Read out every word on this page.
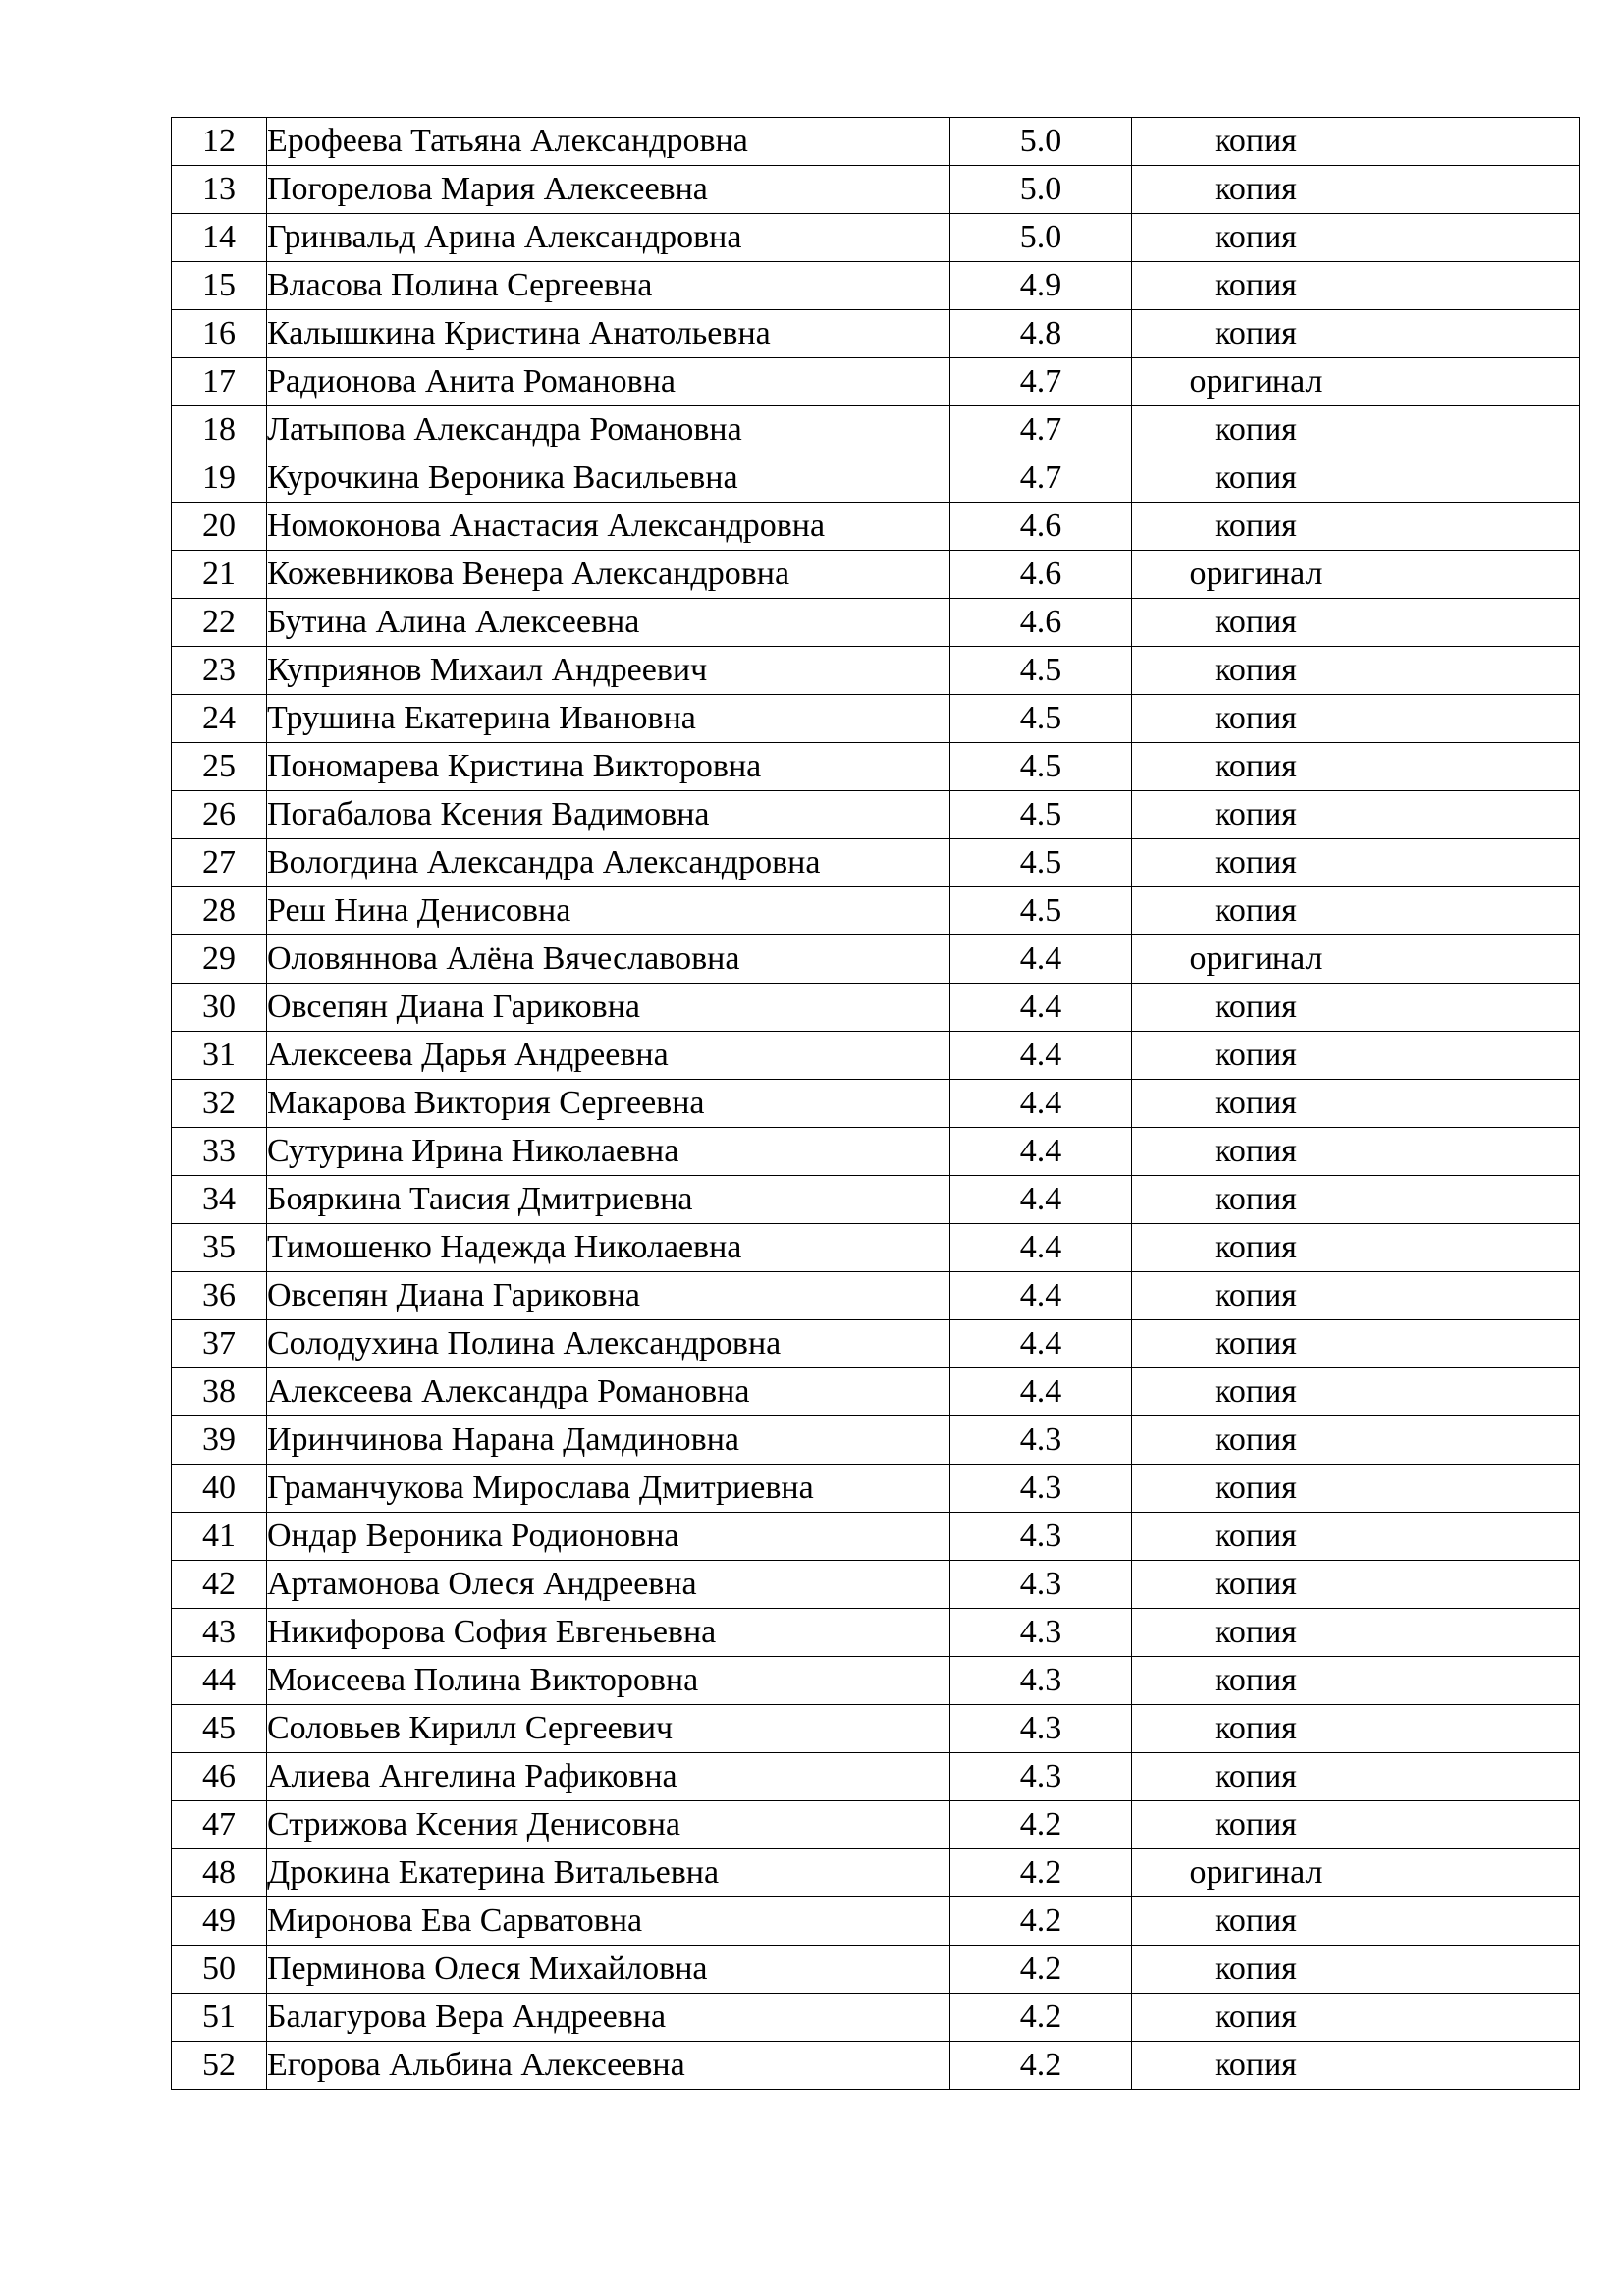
12	Ерофеева Татьяна Александровна	5.0	копия	
13	Погорелова Мария Алексеевна	5.0	копия	
14	Гринвальд Арина Александровна	5.0	копия	
15	Власова Полина Сергеевна	4.9	копия	
16	Калышкина Кристина Анатольевна	4.8	копия	
17	Радионова Анита Романовна	4.7	оригинал	
18	Латыпова Александра Романовна	4.7	копия	
19	Курочкина Вероника Васильевна	4.7	копия	
20	Номоконова Анастасия Александровна	4.6	копия	
21	Кожевникова Венера Александровна	4.6	оригинал	
22	Бутина Алина Алексеевна	4.6	копия	
23	Куприянов Михаил Андреевич	4.5	копия	
24	Трушина Екатерина Ивановна	4.5	копия	
25	Пономарева Кристина Викторовна	4.5	копия	
26	Погабалова Ксения Вадимовна	4.5	копия	
27	Вологдина Александра Александровна	4.5	копия	
28	Реш Нина Денисовна	4.5	копия	
29	Оловяннова Алёна Вячеславовна	4.4	оригинал	
30	Овсепян Диана Гариковна	4.4	копия	
31	Алексеева Дарья Андреевна	4.4	копия	
32	Макарова Виктория Сергеевна	4.4	копия	
33	Сутурина Ирина Николаевна	4.4	копия	
34	Бояркина Таисия Дмитриевна	4.4	копия	
35	Тимошенко Надежда Николаевна	4.4	копия	
36	Овсепян Диана Гариковна	4.4	копия	
37	Солодухина Полина Александровна	4.4	копия	
38	Алексеева Александра Романовна	4.4	копия	
39	Иринчинова Нарана Дамдиновна	4.3	копия	
40	Граманчукова Мирослава Дмитриевна	4.3	копия	
41	Ондар Вероника Родионовна	4.3	копия	
42	Артамонова Олеся Андреевна	4.3	копия	
43	Никифорова София Евгеньевна	4.3	копия	
44	Моисеева Полина Викторовна	4.3	копия	
45	Соловьев Кирилл Сергеевич	4.3	копия	
46	Алиева Ангелина Рафиковна	4.3	копия	
47	Стрижова Ксения Денисовна	4.2	копия	
48	Дрокина Екатерина Витальевна	4.2	оригинал	
49	Миронова Ева Сарватовна	4.2	копия	
50	Перминова Олеся Михайловна	4.2	копия	
51	Балагурова Вера Андреевна	4.2	копия	
52	Егорова Альбина Алексеевна	4.2	копия	
